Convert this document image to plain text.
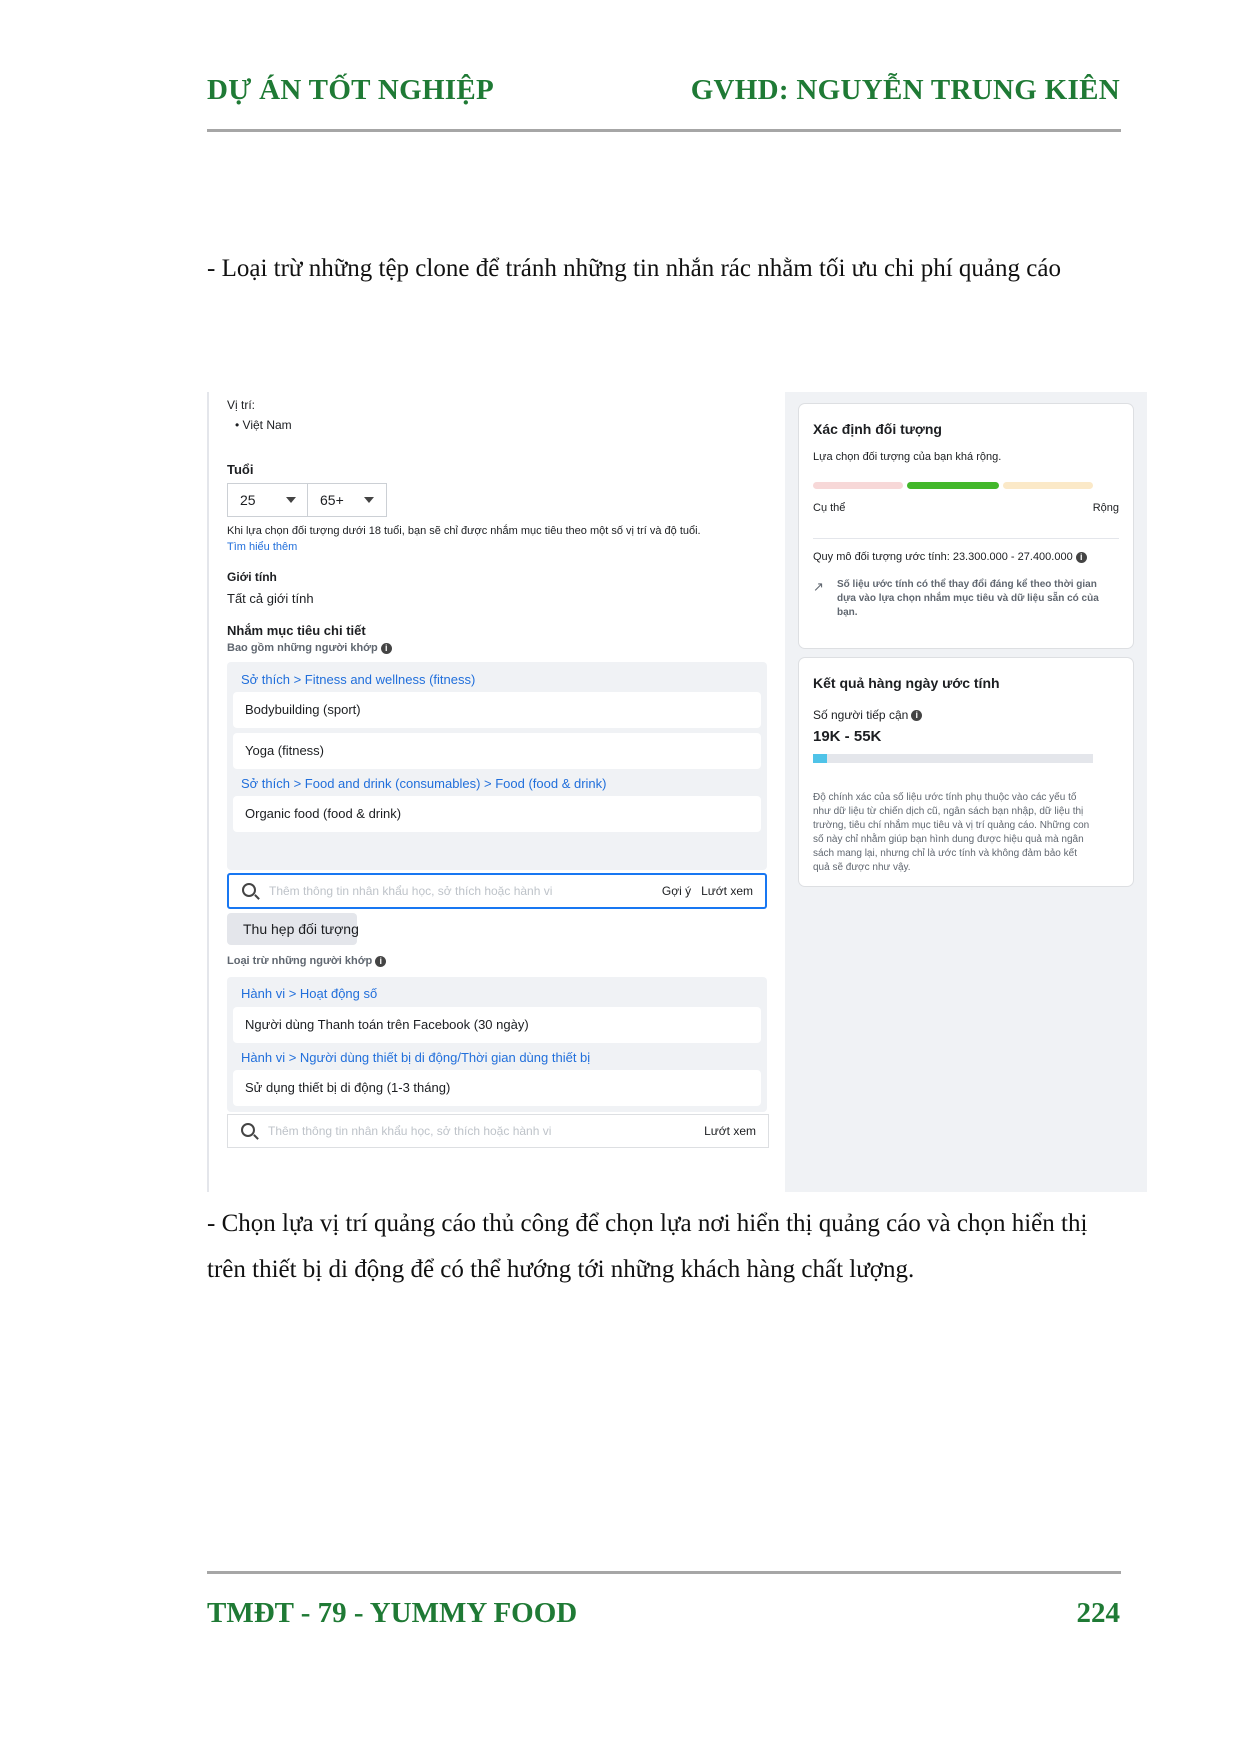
DỰ ÁN TỐT NGHIỆP	GVHD: NGUYỄN TRUNG KIÊN
- Loại trừ những tệp clone để tránh những tin nhắn rác nhằm tối ưu chi phí quảng cáo
Vị trí:
• Việt Nam
Tuổi
25	65+
Khi lựa chọn đối tượng dưới 18 tuổi, bạn sẽ chỉ được nhắm mục tiêu theo một số vị trí và độ tuổi. Tìm hiểu thêm
Giới tính
Tất cả giới tính
Nhắm mục tiêu chi tiết
Bao gồm những người khớp i
Sở thích > Fitness and wellness (fitness)
Bodybuilding (sport)
Yoga (fitness)
Sở thích > Food and drink (consumables) > Food (food & drink)
Organic food (food & drink)
Thêm thông tin nhân khẩu học, sở thích hoặc hành vi	Gợi ý Lướt xem
Thu hẹp đối tượng
Loại trừ những người khớp i
Hành vi > Hoạt động số
Người dùng Thanh toán trên Facebook (30 ngày)
Hành vi > Người dùng thiết bị di động/Thời gian dùng thiết bị
Sử dụng thiết bị di động (1-3 tháng)
Thêm thông tin nhân khẩu học, sở thích hoặc hành vi	Lướt xem
Xác định đối tượng
Lựa chọn đối tượng của bạn khá rộng.
Cụ thể	Rộng
Quy mô đối tượng ước tính: 23.300.000 - 27.400.000 i
↗ Số liệu ước tính có thể thay đổi đáng kể theo thời gian dựa vào lựa chọn nhắm mục tiêu và dữ liệu sẵn có của bạn.
Kết quả hàng ngày ước tính
Số người tiếp cận i
19K - 55K
Độ chính xác của số liệu ước tính phụ thuộc vào các yếu tố như dữ liệu từ chiến dịch cũ, ngân sách bạn nhập, dữ liệu thị trường, tiêu chí nhắm mục tiêu và vị trí quảng cáo. Những con số này chỉ nhằm giúp bạn hình dung được hiệu quả mà ngân sách mang lại, nhưng chỉ là ước tính và không đảm bảo kết quả sẽ được như vậy.
- Chọn lựa vị trí quảng cáo thủ công để chọn lựa nơi hiển thị quảng cáo và chọn hiển thị trên thiết bị di động để có thể hướng tới những khách hàng chất lượng.
TMĐT - 79 - YUMMY FOOD	224
